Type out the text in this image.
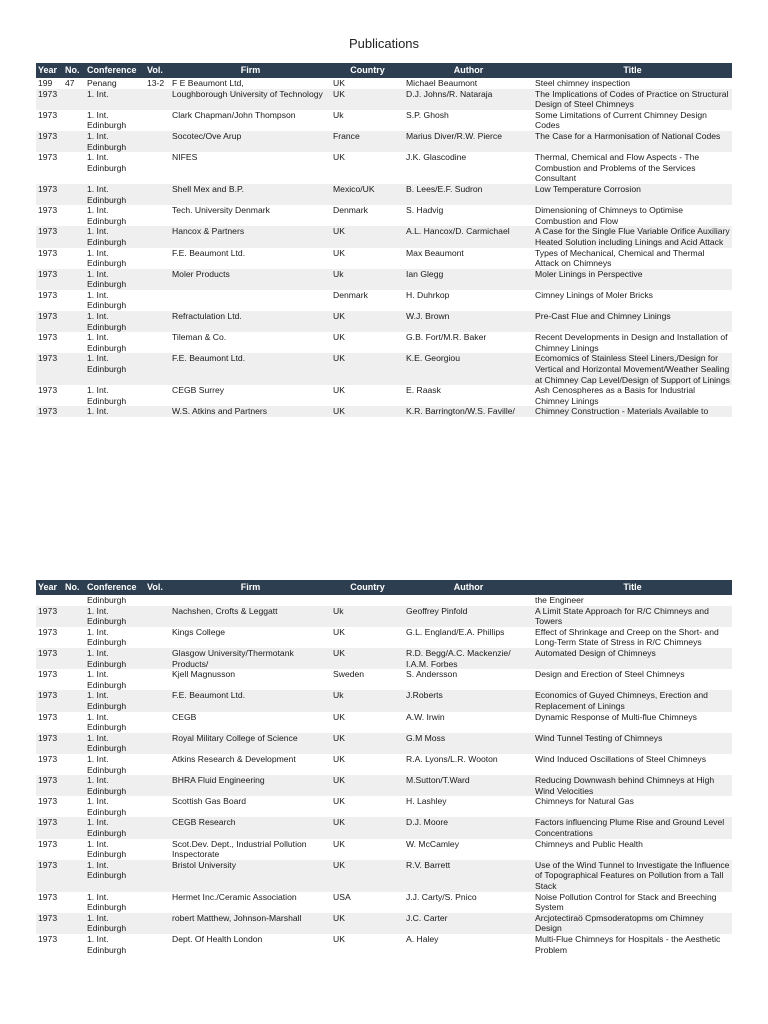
Publications
Year	No.	Conference	Vol.	Firm	Country	Author	Title
199	47	Penang	13-2	F E Beaumont Ltd,	UK	Michael Beaumont	Steel chimney inspection
1973		1. Int.		Loughborough University of Technology	UK	D.J. Johns/R. Nataraja	The Implications of Codes of Practice on Structural Design of Steel Chimneys
1973		1. Int. Edinburgh		Clark Chapman/John Thompson	Uk	S.P. Ghosh	Some Limitations of Current Chimney Design Codes
1973		1. Int. Edinburgh		Socotec/Ove Arup	France	Marius Diver/R.W. Pierce	The Case for a Harmonisation of National Codes
1973		1. Int. Edinburgh		NIFES	UK	J.K. Glascodine	Thermal, Chemical and Flow Aspects - The Combustion and Problems of the Services Consultant
1973		1. Int. Edinburgh		Shell Mex and B.P.	Mexico/UK	B. Lees/E.F. Sudron	Low Temperature Corrosion
1973		1. Int. Edinburgh		Tech. University Denmark	Denmark	S. Hadvig	Dimensioning of Chimneys to Optimise Combustion and Flow
1973		1. Int. Edinburgh		Hancox & Partners	UK	A.L. Hancox/D. Carmichael	A Case for the Single Flue Variable Orifice Auxiliary Heated Solution including Linings and Acid Attack
1973		1. Int. Edinburgh		F.E. Beaumont Ltd.	UK	Max Beaumont	Types of Mechanical, Chemical and Thermal Attack on Chimneys
1973		1. Int. Edinburgh		Moler Products	Uk	Ian Glegg	Moler Linings in Perspective
1973		1. Int. Edinburgh			Denmark	H. Duhrkop	Cimney Linings of Moler Bricks
1973		1. Int. Edinburgh		Refractulation Ltd.	UK	W.J. Brown	Pre-Cast Flue and Chimney Linings
1973		1. Int. Edinburgh		Tileman & Co.	UK	G.B. Fort/M.R. Baker	Recent Developments in Design and Installation of Chimney Linings
1973		1. Int. Edinburgh		F.E. Beaumont Ltd.	UK	K.E. Georgiou	Ecomomics of Stainless Steel Liners,/Design for Vertical and Horizontal Movement/Weather Sealing at Chimney Cap Level/Design of Support of Linings
1973		1. Int. Edinburgh		CEGB Surrey	UK	E. Raask	Ash Cenospheres as a Basis for Industrial Chimney Linings
1973		1. Int.		W.S. Atkins and Partners	UK	K.R. Barrington/W.S. Faville/	Chimney Construction - Materials Available to
Year	No.	Conference	Vol.	Firm	Country	Author	Title
		Edinburgh					the Engineer
1973		1. Int. Edinburgh		Nachshen, Crofts & Leggatt	Uk	Geoffrey Pinfold	A Limit State Approach for R/C Chimneys and Towers
1973		1. Int. Edinburgh		Kings College	UK	G.L. England/E.A. Phillips	Effect of Shrinkage and Creep on the Short- and Long-Term State of Stress in R/C Chimneys
1973		1. Int. Edinburgh		Glasgow University/Thermotank Products/	UK	R.D. Begg/A.C. Mackenzie/ I.A.M. Forbes	Automated Design of Chimneys
1973		1. Int. Edinburgh		Kjell Magnusson	Sweden	S. Andersson	Design and Erection of Steel Chimneys
1973		1. Int. Edinburgh		F.E. Beaumont Ltd.	Uk	J.Roberts	Economics of Guyed Chimneys, Erection and Replacement of Linings
1973		1. Int. Edinburgh		CEGB	UK	A.W. Irwin	Dynamic Response of Multi-flue Chimneys
1973		1. Int. Edinburgh		Royal Military College of Science	UK	G.M Moss	Wind Tunnel Testing of Chimneys
1973		1. Int. Edinburgh		Atkins Research & Development	UK	R.A. Lyons/L.R. Wooton	Wind Induced Oscillations of Steel Chimneys
1973		1. Int. Edinburgh		BHRA Fluid Engineering	UK	M.Sutton/T.Ward	Reducing Downwash behind Chimneys at High Wind Velocities
1973		1. Int. Edinburgh		Scottish Gas Board	UK	H. Lashley	Chimneys for Natural Gas
1973		1. Int. Edinburgh		CEGB Research	UK	D.J. Moore	Factors influencing Plume Rise and Ground Level Concentrations
1973		1. Int. Edinburgh		Scot.Dev. Dept., Industrial Pollution Inspectorate	UK	W. McCamley	Chimneys and Public Health
1973		1. Int. Edinburgh		Bristol University	UK	R.V. Barrett	Use of the Wind Tunnel to Investigate the Influence of Topographical Features on Pollution from a Tall Stack
1973		1. Int. Edinburgh		Hermet Inc./Ceramic Association	USA	J.J. Carty/S. Pnico	Noise Pollution Control for Stack and Breeching System
1973		1. Int. Edinburgh		robert Matthew, Johnson-Marshall	UK	J.C. Carter	Arcjotectiraö Cpmsoderatopms om Chimney Design
1973		1. Int. Edinburgh		Dept. Of Health London	UK	A. Haley	Multi-Flue Chimneys for Hospitals - the Aesthetic Problem
